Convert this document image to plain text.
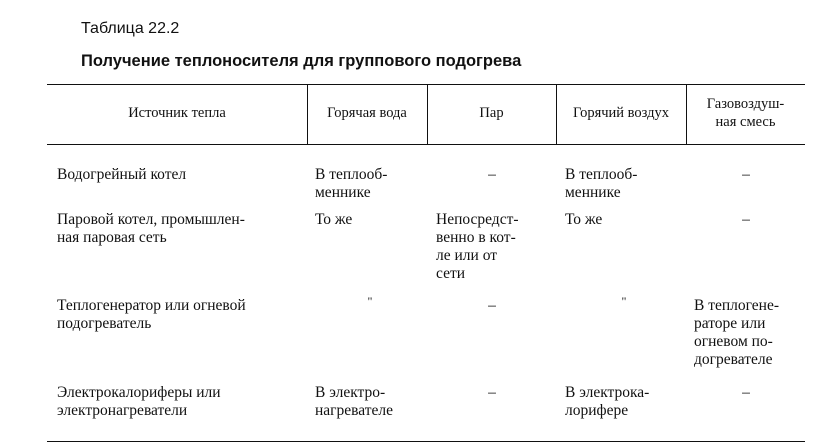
Таблица 22.2
Получение теплоносителя для группового подогрева
Источник тепла	Горячая вода	Пар	Горячий воздух
Газовоздуш-
ная смесь
Водогрейный котел	В теплооб-
меннике
–	В теплооб-
меннике
–
Паровой котел, промышлен-
ная паровая сеть
То же	Непосредст-
венно в кот-
ле или от
сети
То же	–
Теплогенератор или огневой
подогреватель
"	–	"	В теплогене-
раторе или
огневом по-
догревателе
Электрокалориферы или
электронагреватели
В электро-
нагревателе
–	В электрока-
лорифере
–
